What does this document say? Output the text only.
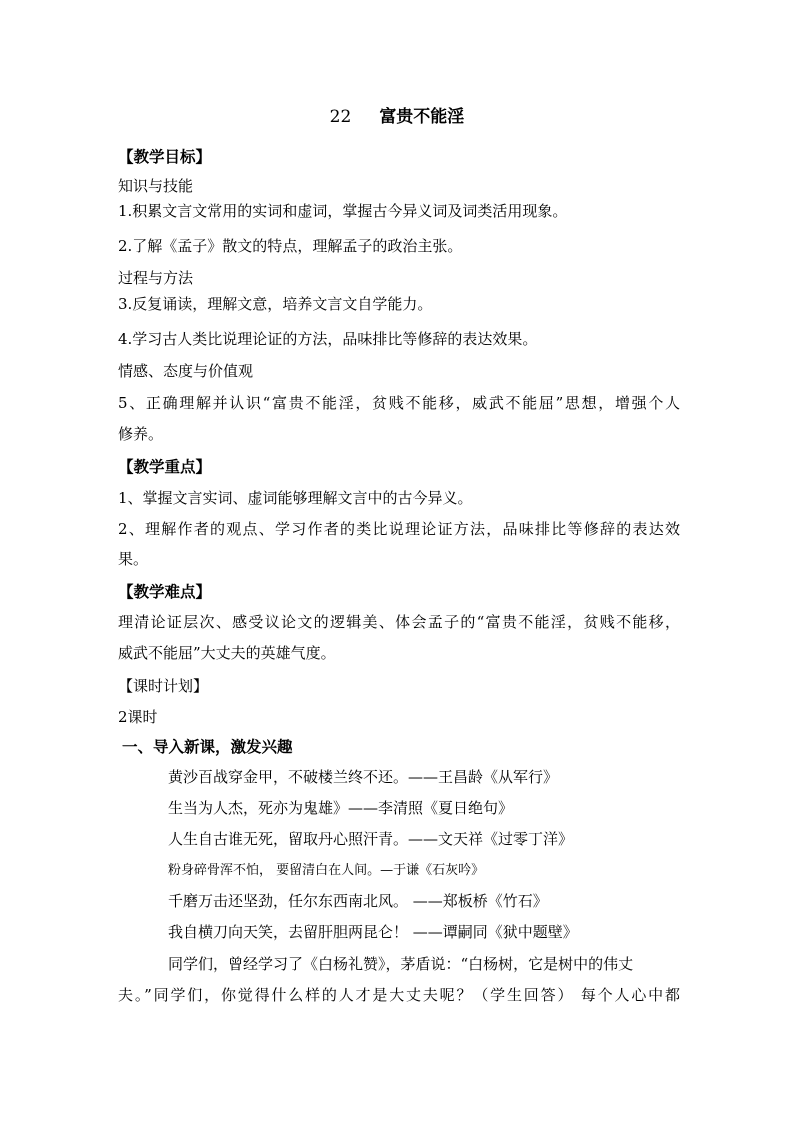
22 富贵不能淫
【教学目标】
知识与技能
1.积累文言文常用的实词和虚词，掌握古今异义词及词类活用现象。
2.了解《孟子》散文的特点，理解孟子的政治主张。
过程与方法
3.反复诵读，理解文意，培养文言文自学能力。
4.学习古人类比说理论证的方法，品味排比等修辞的表达效果。
情感、态度与价值观
5、正确理解并认识“富贵不能淫，贫贱不能移，威武不能屈”思想，增强个人
修养。
【教学重点】
1、掌握文言实词、虚词能够理解文言中的古今异义。
2、理解作者的观点、学习作者的类比说理论证方法，品味排比等修辞的表达效
果。
【教学难点】
理清论证层次、感受议论文的逻辑美、体会孟子的“富贵不能淫，贫贱不能移，
威武不能屈”大丈夫的英雄气度。
【课时计划】
2课时
一、导入新课，激发兴趣
黄沙百战穿金甲，不破楼兰终不还。——王昌龄《从军行》
生当为人杰，死亦为鬼雄》——李清照《夏日绝句》
人生自古谁无死，留取丹心照汗青。——文天祥《过零丁洋》
粉身碎骨浑不怕， 要留清白在人间。—于谦《石灰吟》
千磨万击还坚劲，任尔东西南北风。 ——郑板桥《竹石》
我自横刀向天笑，去留肝胆两昆仑！ ——谭嗣同《狱中题壁》
同学们，曾经学习了《白杨礼赞》，茅盾说：“白杨树，它是树中的伟丈
夫。”同学们，你觉得什么样的人才是大丈夫呢？（学生回答） 每个人心中都
